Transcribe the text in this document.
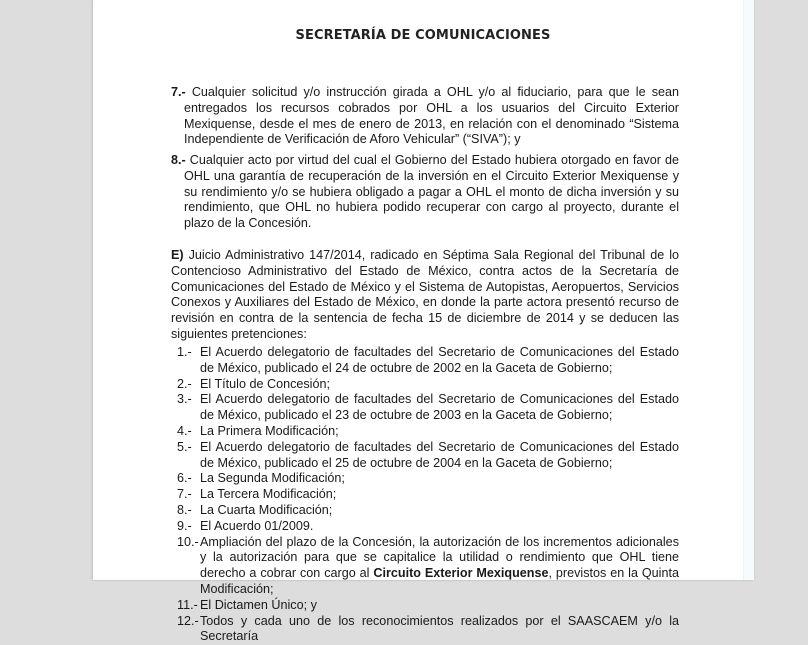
SECRETARÍA DE COMUNICACIONES
7.- Cualquier solicitud y/o instrucción girada a OHL y/o al fiduciario, para que le sean entregados los recursos cobrados por OHL a los usuarios del Circuito Exterior Mexiquense, desde el mes de enero de 2013, en relación con el denominado “Sistema Independiente de Verificación de Aforo Vehicular” (“SIVA”); y
8.- Cualquier acto por virtud del cual el Gobierno del Estado hubiera otorgado en favor de OHL una garantía de recuperación de la inversión en el Circuito Exterior Mexiquense y su rendimiento y/o se hubiera obligado a pagar a OHL el monto de dicha inversión y su rendimiento, que OHL no hubiera podido recuperar con cargo al proyecto, durante el plazo de la Concesión.
E) Juicio Administrativo 147/2014, radicado en Séptima Sala Regional del Tribunal de lo Contencioso Administrativo del Estado de México, contra actos de la Secretaría de Comunicaciones del Estado de México y el Sistema de Autopistas, Aeropuertos, Servicios Conexos y Auxiliares del Estado de México, en donde la parte actora presentó recurso de revisión en contra de la sentencia de fecha 15 de diciembre de 2014 y se deducen las siguientes pretenciones:
1.- El Acuerdo delegatorio de facultades del Secretario de Comunicaciones del Estado de México, publicado el 24 de octubre de 2002 en la Gaceta de Gobierno;
2.- El Título de Concesión;
3.- El Acuerdo delegatorio de facultades del Secretario de Comunicaciones del Estado de México, publicado el 23 de octubre de 2003 en la Gaceta de Gobierno;
4.- La Primera Modificación;
5.- El Acuerdo delegatorio de facultades del Secretario de Comunicaciones del Estado de México, publicado el 25 de octubre de 2004 en la Gaceta de Gobierno;
6.- La Segunda Modificación;
7.- La Tercera Modificación;
8.- La Cuarta Modificación;
9.- El Acuerdo 01/2009.
10.- Ampliación del plazo de la Concesión, la autorización de los incrementos adicionales y la autorización para que se capitalice la utilidad o rendimiento que OHL tiene derecho a cobrar con cargo al Circuito Exterior Mexiquense, previstos en la Quinta Modificación;
11.- El Dictamen Único; y
12.- Todos y cada uno de los reconocimientos realizados por el SAASCAEM y/o la Secretaría
